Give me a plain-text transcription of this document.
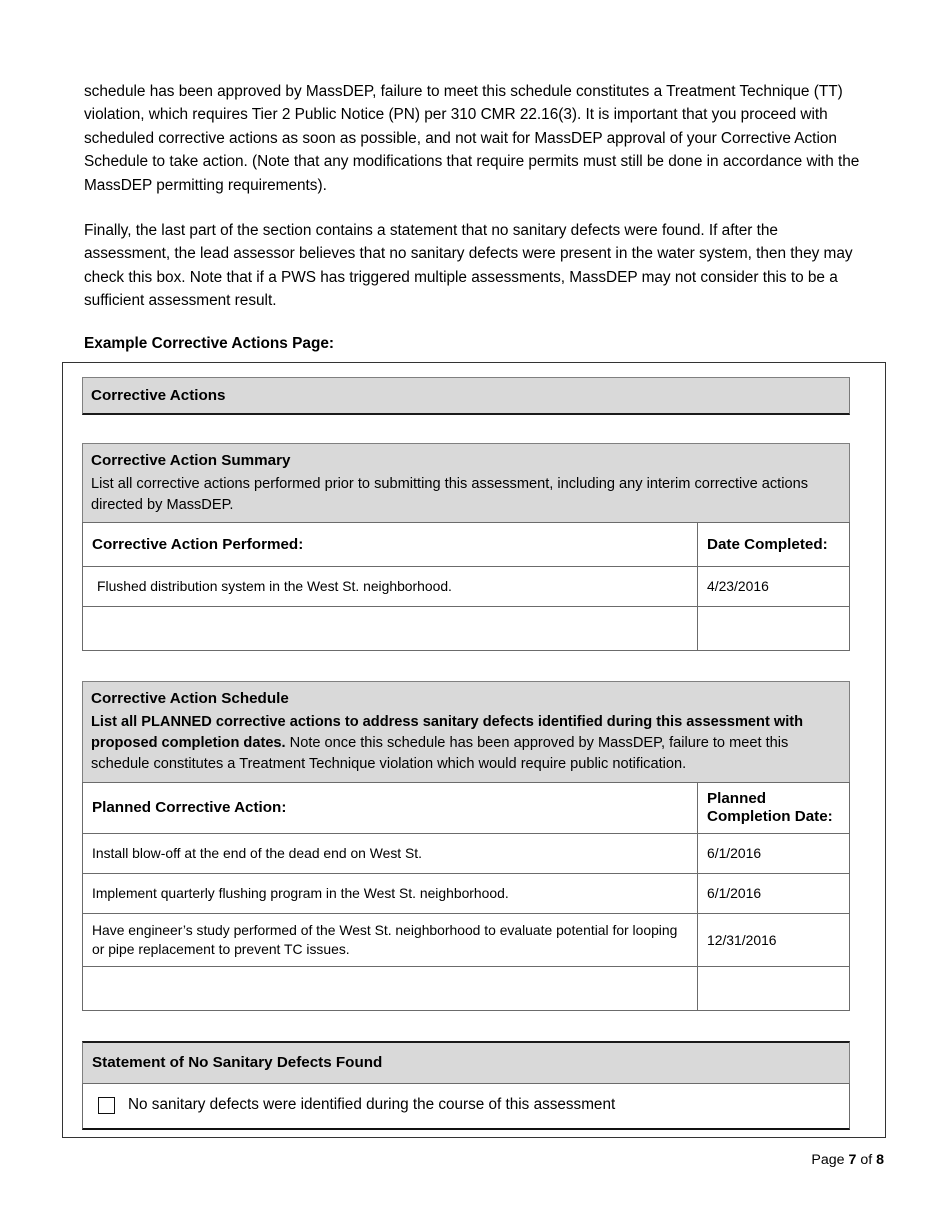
schedule has been approved by MassDEP, failure to meet this schedule constitutes a Treatment Technique (TT) violation, which requires Tier 2 Public Notice (PN) per 310 CMR 22.16(3). It is important that you proceed with scheduled corrective actions as soon as possible, and not wait for MassDEP approval of your Corrective Action Schedule to take action. (Note that any modifications that require permits must still be done in accordance with the MassDEP permitting requirements).

Finally, the last part of the section contains a statement that no sanitary defects were found. If after the assessment, the lead assessor believes that no sanitary defects were present in the water system, then they may check this box. Note that if a PWS has triggered multiple assessments, MassDEP may not consider this to be a sufficient assessment result.

Example Corrective Actions Page:
Corrective Actions
Corrective Action Summary
List all corrective actions performed prior to submitting this assessment, including any interim corrective actions directed by MassDEP.
Corrective Action Performed:	Date Completed:
Flushed distribution system in the West St. neighborhood.	4/23/2016

Corrective Action Schedule
List all PLANNED corrective actions to address sanitary defects identified during this assessment with proposed completion dates. Note once this schedule has been approved by MassDEP, failure to meet this schedule constitutes a Treatment Technique violation which would require public notification.
Planned Corrective Action:	Planned Completion Date:
Install blow-off at the end of the dead end on West St.	6/1/2016
Implement quarterly flushing program in the West St. neighborhood.	6/1/2016
Have engineer’s study performed of the West St. neighborhood to evaluate potential for looping or pipe replacement to prevent TC issues.	12/31/2016

Statement of No Sanitary Defects Found
No sanitary defects were identified during the course of this assessment
Page 7 of 8
